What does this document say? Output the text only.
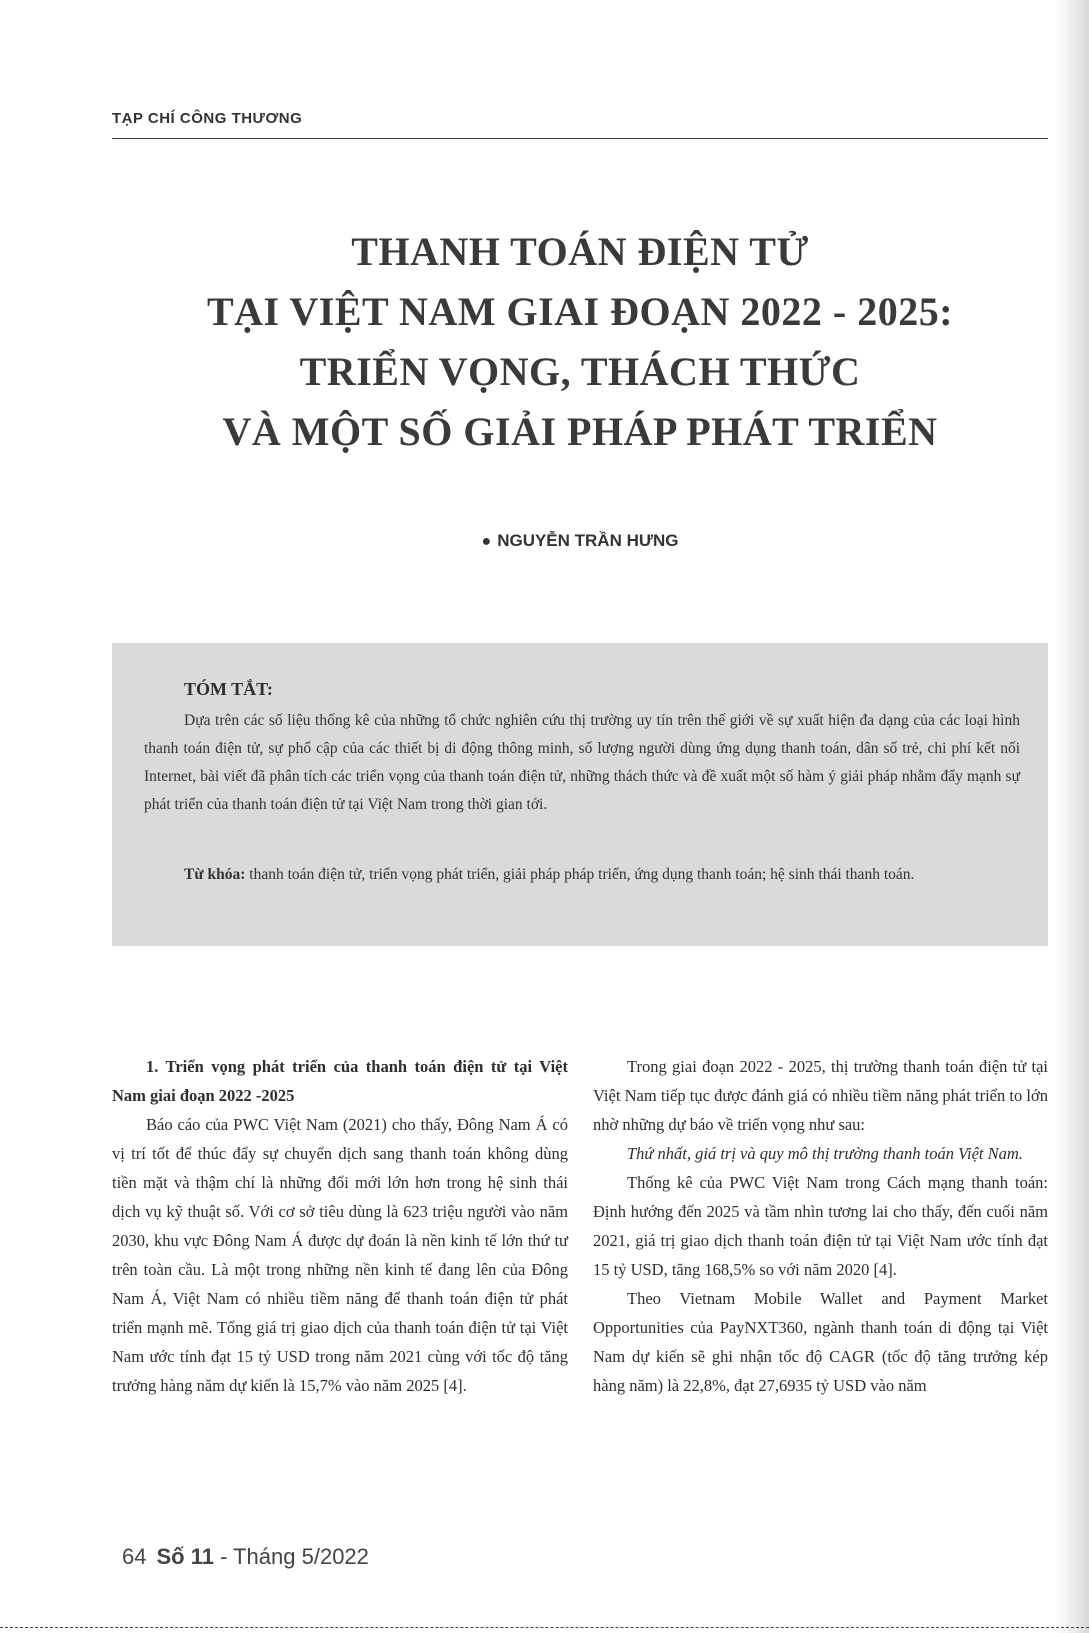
TẠP CHÍ CÔNG THƯƠNG
THANH TOÁN ĐIỆN TỬ
TẠI VIỆT NAM GIAI ĐOẠN 2022 - 2025:
TRIỂN VỌNG, THÁCH THỨC
VÀ MỘT SỐ GIẢI PHÁP PHÁT TRIỂN
● NGUYỄN TRẦN HƯNG
TÓM TẮT:
Dựa trên các số liệu thống kê của những tổ chức nghiên cứu thị trường uy tín trên thế giới về sự xuất hiện đa dạng của các loại hình thanh toán điện tử, sự phổ cập của các thiết bị di động thông minh, số lượng người dùng ứng dụng thanh toán, dân số trẻ, chi phí kết nối Internet, bài viết đã phân tích các triển vọng của thanh toán điện tử, những thách thức và đề xuất một số hàm ý giải pháp nhằm đẩy mạnh sự phát triển của thanh toán điện tử tại Việt Nam trong thời gian tới.
Từ khóa: thanh toán điện tử, triển vọng phát triển, giải pháp pháp triển, ứng dụng thanh toán; hệ sinh thái thanh toán.

1. Triển vọng phát triển của thanh toán điện tử tại Việt Nam giai đoạn 2022 -2025

Báo cáo của PWC Việt Nam (2021) cho thấy, Đông Nam Á có vị trí tốt để thúc đẩy sự chuyển dịch sang thanh toán không dùng tiền mặt và thậm chí là những đổi mới lớn hơn trong hệ sinh thái dịch vụ kỹ thuật số. Với cơ sở tiêu dùng là 623 triệu người vào năm 2030, khu vực Đông Nam Á được dự đoán là nền kinh tế lớn thứ tư trên toàn cầu. Là một trong những nền kinh tế đang lên của Đông Nam Á, Việt Nam có nhiều tiềm năng để thanh toán điện tử phát triển mạnh mẽ. Tổng giá trị giao dịch của thanh toán điện tử tại Việt Nam ước tính đạt 15 tỷ USD trong năm 2021 cùng với tốc độ tăng trưởng hàng năm dự kiến là 15,7% vào năm 2025 [4].

Trong giai đoạn 2022 - 2025, thị trường thanh toán điện tử tại Việt Nam tiếp tục được đánh giá có nhiều tiềm năng phát triển to lớn nhờ những dự báo về triển vọng như sau:

Thứ nhất, giá trị và quy mô thị trường thanh toán Việt Nam.

Thống kê của PWC Việt Nam trong Cách mạng thanh toán: Định hướng đến 2025 và tầm nhìn tương lai cho thấy, đến cuối năm 2021, giá trị giao dịch thanh toán điện tử tại Việt Nam ước tính đạt 15 tỷ USD, tăng 168,5% so với năm 2020 [4].

Theo Vietnam Mobile Wallet and Payment Market Opportunities của PayNXT360, ngành thanh toán di động tại Việt Nam dự kiến sẽ ghi nhận tốc độ CAGR (tốc độ tăng trưởng kép hàng năm) là 22,8%, đạt 27,6935 tỷ USD vào năm

64 Số 11 - Tháng 5/2022
